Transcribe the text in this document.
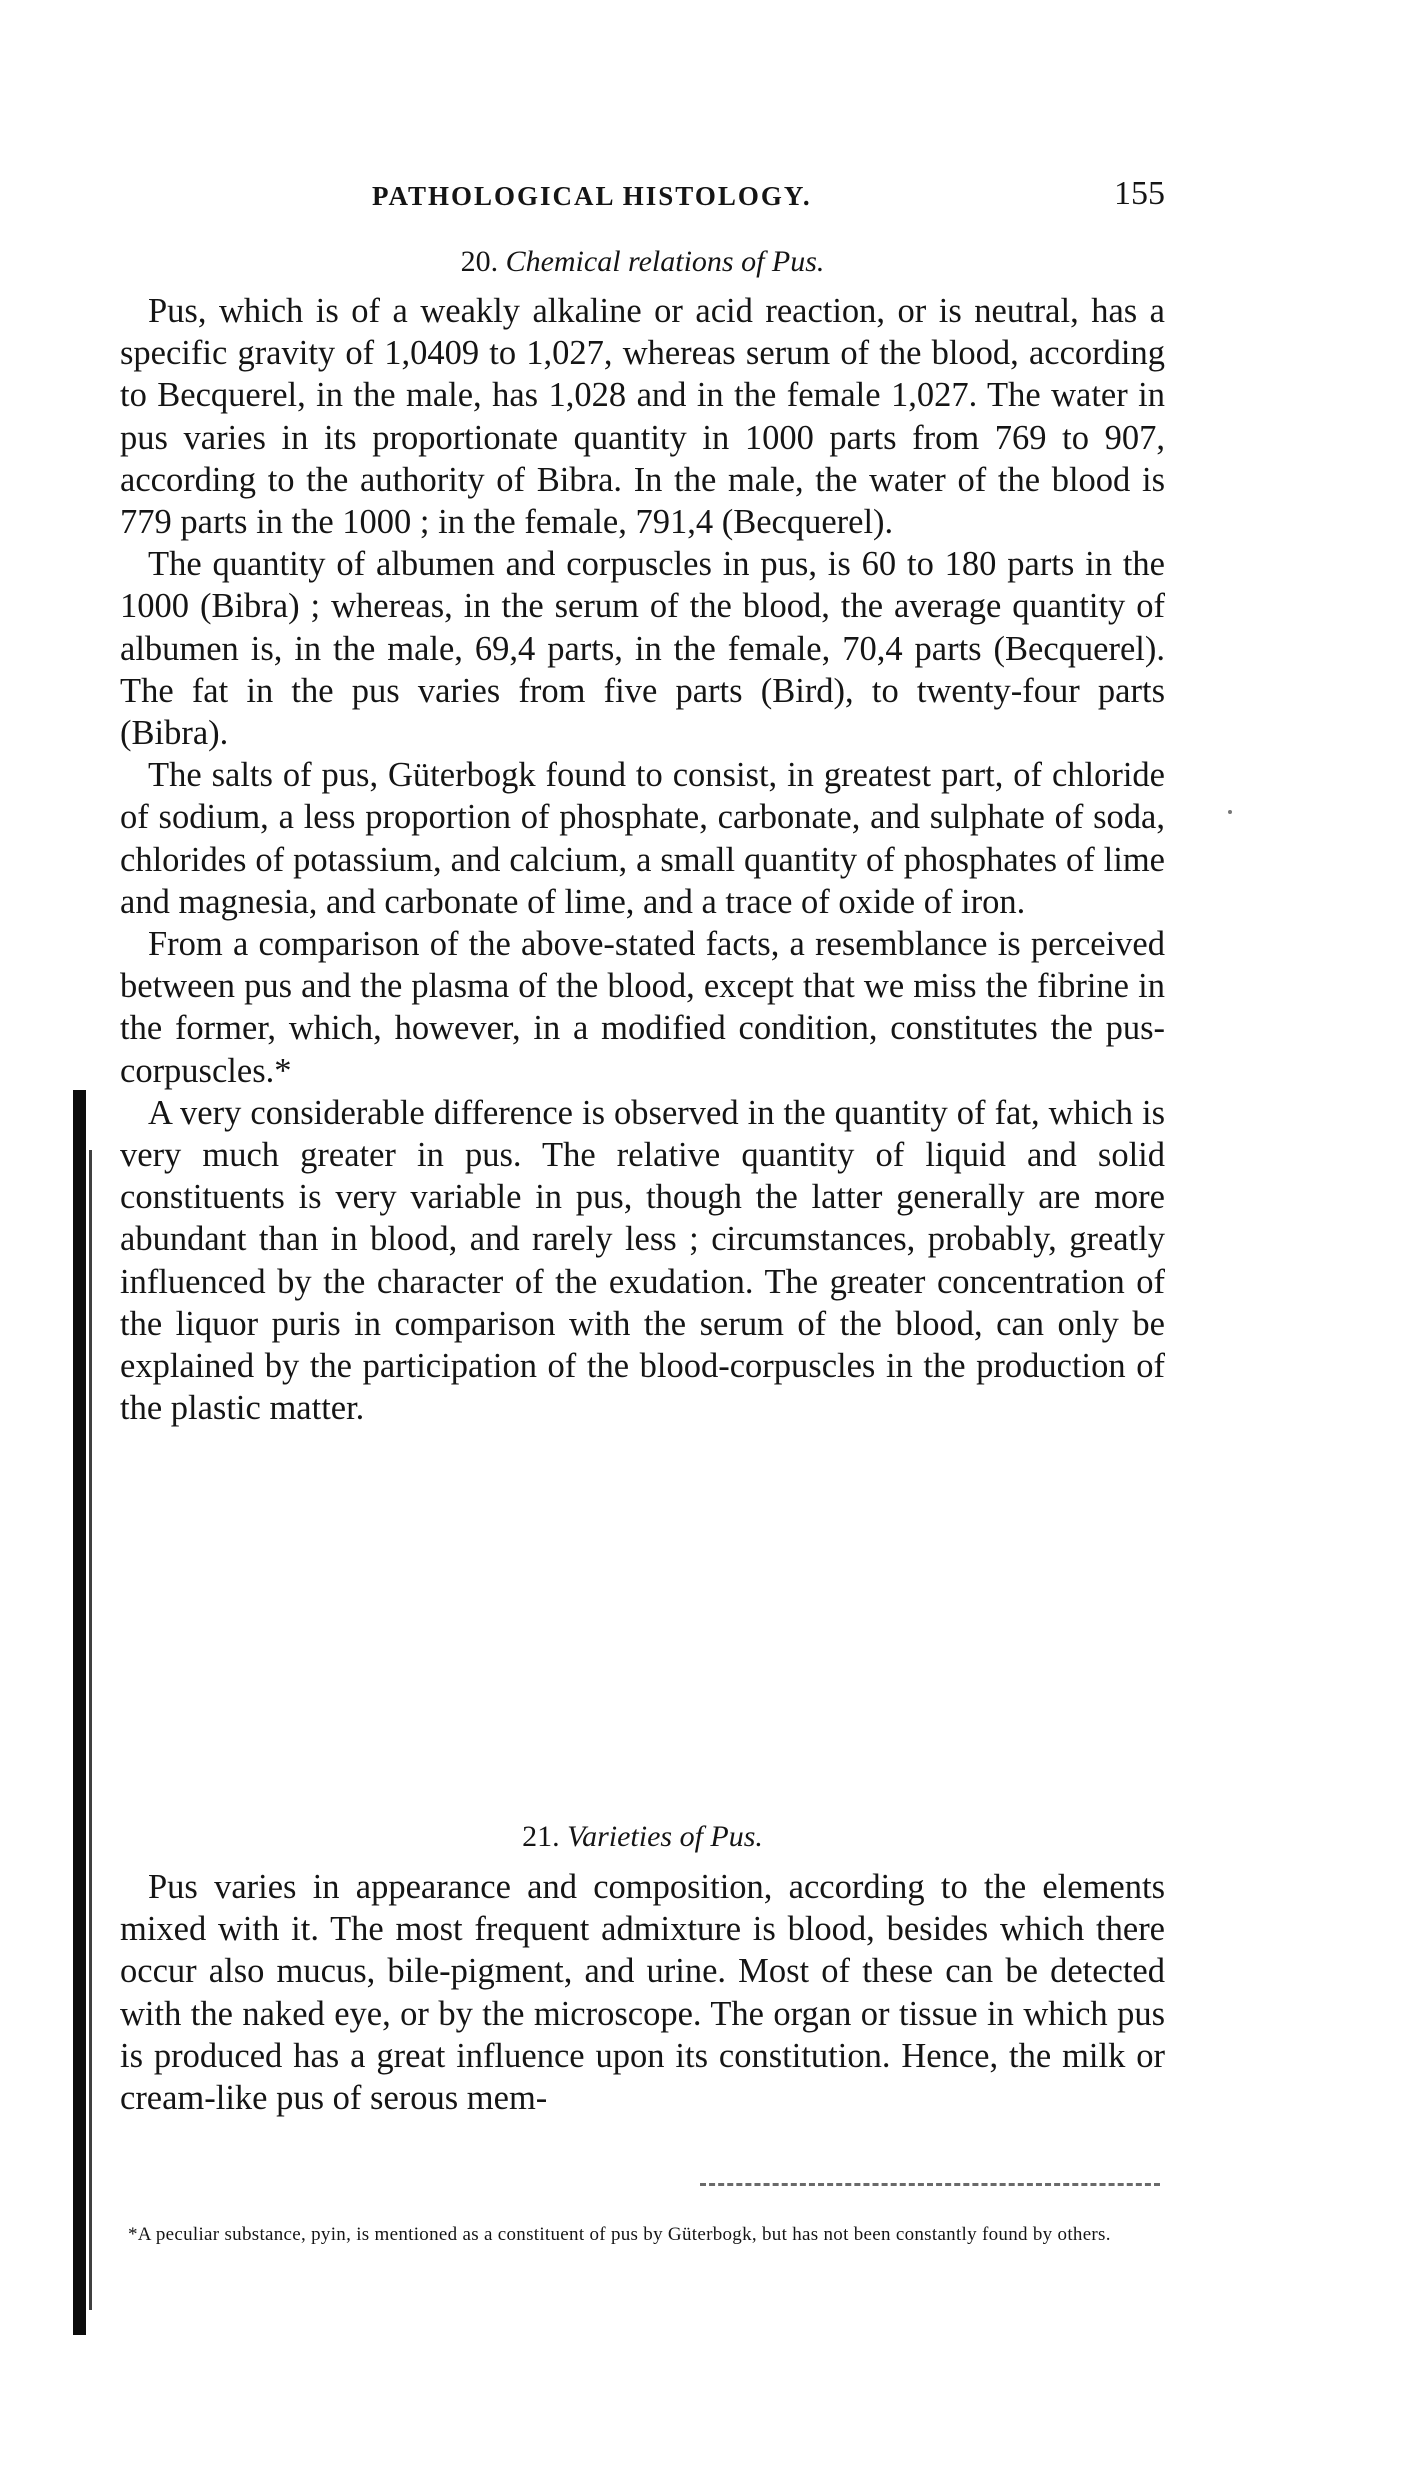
PATHOLOGICAL HISTOLOGY.	155
20. Chemical relations of Pus.

Pus, which is of a weakly alkaline or acid reaction, or is neutral, has a specific gravity of 1,0409 to 1,027, whereas serum of the blood, according to Becquerel, in the male, has 1,028 and in the female 1,027. The water in pus varies in its proportionate quantity in 1000 parts from 769 to 907, according to the authority of Bibra. In the male, the water of the blood is 779 parts in the 1000 ; in the female, 791,4 (Becquerel).

The quantity of albumen and corpuscles in pus, is 60 to 180 parts in the 1000 (Bibra) ; whereas, in the serum of the blood, the average quantity of albumen is, in the male, 69,4 parts, in the female, 70,4 parts (Becquerel). The fat in the pus varies from five parts (Bird), to twenty-four parts (Bibra).

The salts of pus, Güterbogk found to consist, in greatest part, of chloride of sodium, a less proportion of phosphate, carbonate, and sulphate of soda, chlorides of potassium, and calcium, a small quantity of phosphates of lime and magnesia, and carbonate of lime, and a trace of oxide of iron.

From a comparison of the above-stated facts, a resemblance is perceived between pus and the plasma of the blood, except that we miss the fibrine in the former, which, however, in a modified condition, constitutes the pus-corpuscles.*

A very considerable difference is observed in the quantity of fat, which is very much greater in pus. The relative quantity of liquid and solid constituents is very variable in pus, though the latter generally are more abundant than in blood, and rarely less ; circumstances, probably, greatly influenced by the character of the exudation. The greater concentration of the liquor puris in comparison with the serum of the blood, can only be explained by the participation of the blood-corpuscles in the production of the plastic matter.

21. Varieties of Pus.

Pus varies in appearance and composition, according to the elements mixed with it. The most frequent admixture is blood, besides which there occur also mucus, bile-pigment, and urine. Most of these can be detected with the naked eye, or by the microscope. The organ or tissue in which pus is produced has a great influence upon its constitution. Hence, the milk or cream-like pus of serous mem-

*A peculiar substance, pyin, is mentioned as a constituent of pus by Güterbogk, but has not been constantly found by others.
